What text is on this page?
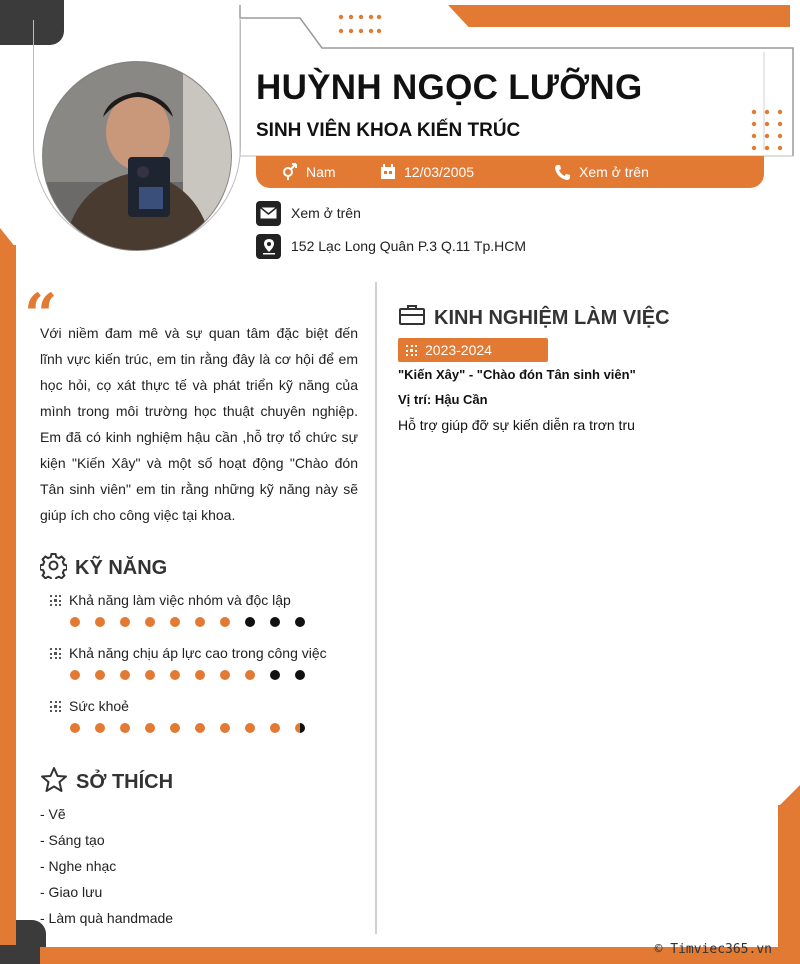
HUỲNH NGỌC LƯỠNG
SINH VIÊN KHOA KIẾN TRÚC
Nam	12/03/2005	Xem ở trên
Xem ở trên
152 Lạc Long Quân P.3 Q.11 Tp.HCM
“
Với niềm đam mê và sự quan tâm đặc biệt đến lĩnh vực kiến trúc, em tin rằng đây là cơ hội để em học hỏi, cọ xát thực tế và phát triển kỹ năng của mình trong môi trường học thuật chuyên nghiệp. Em đã có kinh nghiệm hậu cần ,hỗ trợ tổ chức sự kiện "Kiến Xây" và một số hoạt động "Chào đón Tân sinh viên" em tin rằng những kỹ năng này sẽ giúp ích cho công việc tại khoa.
KỸ NĂNG
Khả năng làm việc nhóm và độc lập
Khả năng chịu áp lực cao trong công việc
Sức khoẻ
SỞ THÍCH
- Vẽ
- Sáng tạo
- Nghe nhạc
- Giao lưu
- Làm quà handmade
KINH NGHIỆM LÀM VIỆC
2023-2024
"Kiến Xây" - "Chào đón Tân sinh viên"
Vị trí: Hậu Cần
Hỗ trợ giúp đỡ sự kiến diễn ra trơn tru
© Timviec365.vn
